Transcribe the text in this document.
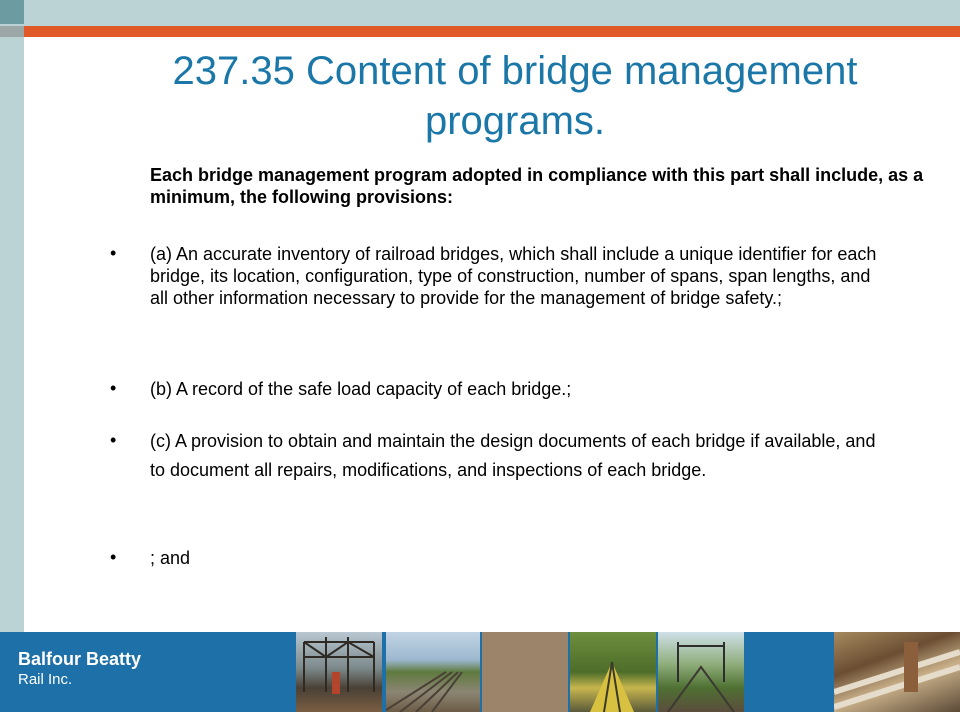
237.35 Content of bridge management programs.
Each bridge management program adopted in compliance with this part shall include, as a minimum, the following provisions:
•	(a) An accurate inventory of railroad bridges, which shall include a unique identifier for each bridge, its location, configuration, type of construction, number of spans, span lengths, and all other information necessary to provide for the management of bridge safety.;
•	(b) A record of the safe load capacity of each bridge.;
•	(c) A provision to obtain and maintain the design documents of each bridge if available, and to document all repairs, modifications, and inspections of each bridge.
•	; and
Balfour Beatty
Rail Inc.
